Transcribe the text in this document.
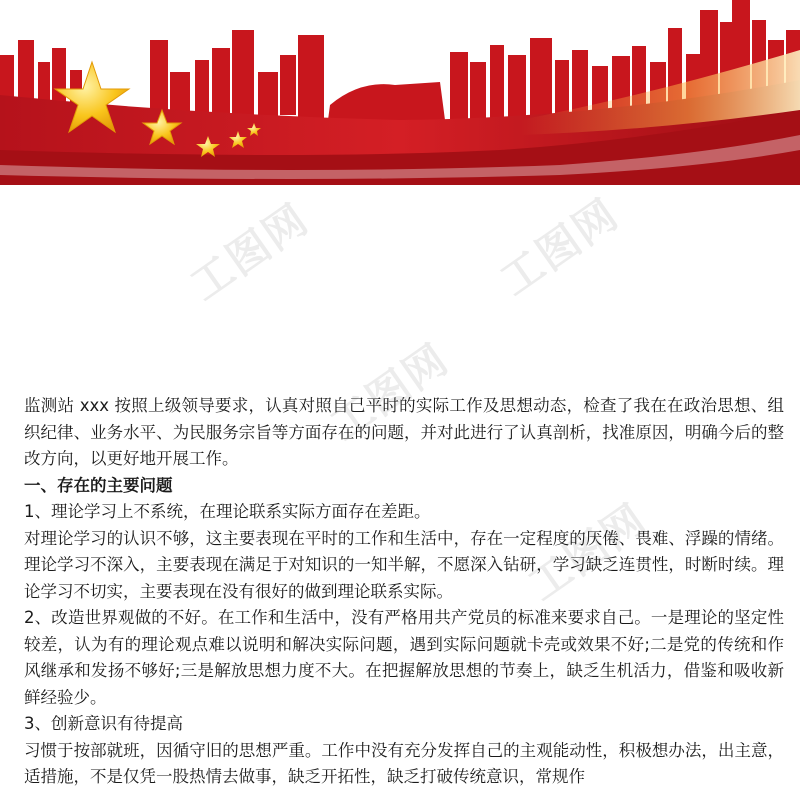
工图网	工图网
工图网
工图网

监测站 xxx 按照上级领导要求，认真对照自己平时的实际工作及思想动态，检查了我在在政治思想、组织纪律、业务水平、为民服务宗旨等方面存在的问题，并对此进行了认真剖析，找准原因，明确今后的整改方向，以更好地开展工作。

一、存在的主要问题

1、理论学习上不系统，在理论联系实际方面存在差距。

对理论学习的认识不够，这主要表现在平时的工作和生活中，存在一定程度的厌倦、畏难、浮躁的情绪。理论学习不深入，主要表现在满足于对知识的一知半解，不愿深入钻研，学习缺乏连贯性，时断时续。理论学习不切实，主要表现在没有很好的做到理论联系实际。

2、改造世界观做的不好。在工作和生活中，没有严格用共产党员的标准来要求自己。一是理论的坚定性较差，认为有的理论观点难以说明和解决实际问题，遇到实际问题就卡壳或效果不好;二是党的传统和作风继承和发扬不够好;三是解放思想力度不大。在把握解放思想的节奏上，缺乏生机活力，借鉴和吸收新鲜经验少。

3、创新意识有待提高

习惯于按部就班，因循守旧的思想严重。工作中没有充分发挥自己的主观能动性，积极想办法，出主意，适措施，不是仅凭一股热情去做事，缺乏开拓性，缺乏打破传统意识，常规作
